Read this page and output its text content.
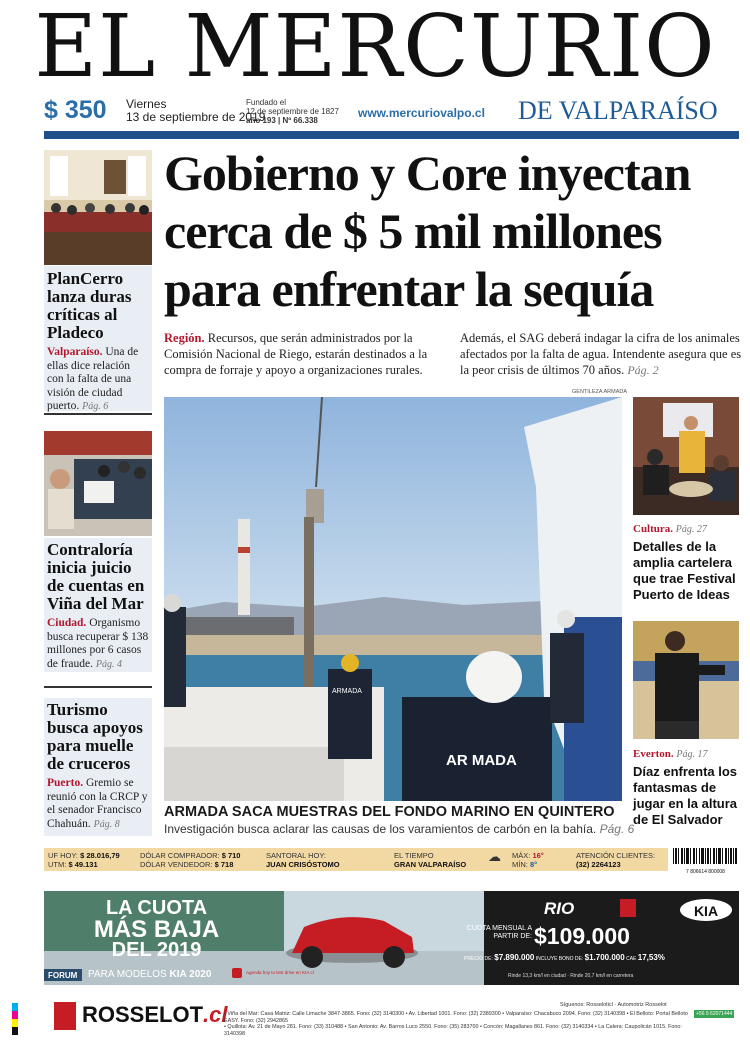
EL MERCURIO
$ 350 Viernes
13 de septiembre de 2019
Fundado el
12 de septiembre de 1827
año 193 | Nº 66.338
www.mercuriovalpo.cl DE VALPARAÍSO
PlanCerro lanza duras críticas al Pladeco
Valparaíso. Una de ellas dice relación con la falta de una visión de ciudad puerto. Pág. 6
Contraloría inicia juicio de cuentas en Viña del Mar
Ciudad. Organismo busca recuperar $ 138 millones por 6 casos de fraude. Pág. 4
Turismo busca apoyos para muelle de cruceros
Puerto. Gremio se reunió con la CRCP y el senador Francisco Chahuán. Pág. 8
Gobierno y Core inyectan
cerca de $ 5 mil millones
para enfrentar la sequía
Región. Recursos, que serán administrados por la Comisión Nacional de Riego, estarán destinados a la compra de forraje y apoyo a organizaciones rurales.
Además, el SAG deberá indagar la cifra de los animales afectados por la falta de agua. Intendente asegura que es la peor crisis de últimos 70 años. Pág. 2
GENTILEZA ARMADA
ARMADA
AR MADA
ARMADA SACA MUESTRAS DEL FONDO MARINO EN QUINTERO
Investigación busca aclarar las causas de los varamientos de carbón en la bahía. Pág. 6
Cultura. Pág. 27
Detalles de la amplia cartelera que trae Festival Puerto de Ideas
Everton. Pág. 17
Díaz enfrenta los fantasmas de jugar en la altura de El Salvador
UF HOY: $ 28.016,79
UTM: $ 49.131
DÓLAR COMPRADOR: $ 710
DÓLAR VENDEDOR: $ 718
SANTORAL HOY:
JUAN CRISÓSTOMO
EL TIEMPO
GRAN VALPARAÍSO
☁ MÁX: 16°
MÍN: 8°
ATENCIÓN CLIENTES:
(32) 2264123
7 806614 800008
LA CUOTA
MÁS BAJA
DEL 2019
FORUM PARA MODELOS KIA 2020	Agenda hoy tu test drive en KIA.cl
RIO	KIA
CUOTA MENSUAL A PARTIR DE: $109.000
PRECIO DE: $7.890.000 INCLUYE BONO DE: $1.700.000 CAE 17,53%
Rinde 13,3 km/l en ciudad · Rinde 20,7 km/l en carretera
ROSSELOT.cl	Síguenos: Rosseloticl · Automotriz Rosselot
+56 9 62071444
• Viña del Mar: Casa Matriz: Calle Limache 3847-3865. Fono: (32) 3140300 • Av. Libertad 1001. Fono: (32) 2389300 • Valparaíso: Chacabuco 2094. Fono: (32) 3140398 • El Belloto: Portal Belloto EASY. Fono: (32) 2942865
• Quillota: Av. 21 de Mayo 281. Fono: (33) 310488 • San Antonio: Av. Barros Luco 2550. Fono: (35) 283700 • Concón: Magallanes 861. Fono: (32) 3140334 • La Calera: Caupolicán 1015. Fono: 3140398
